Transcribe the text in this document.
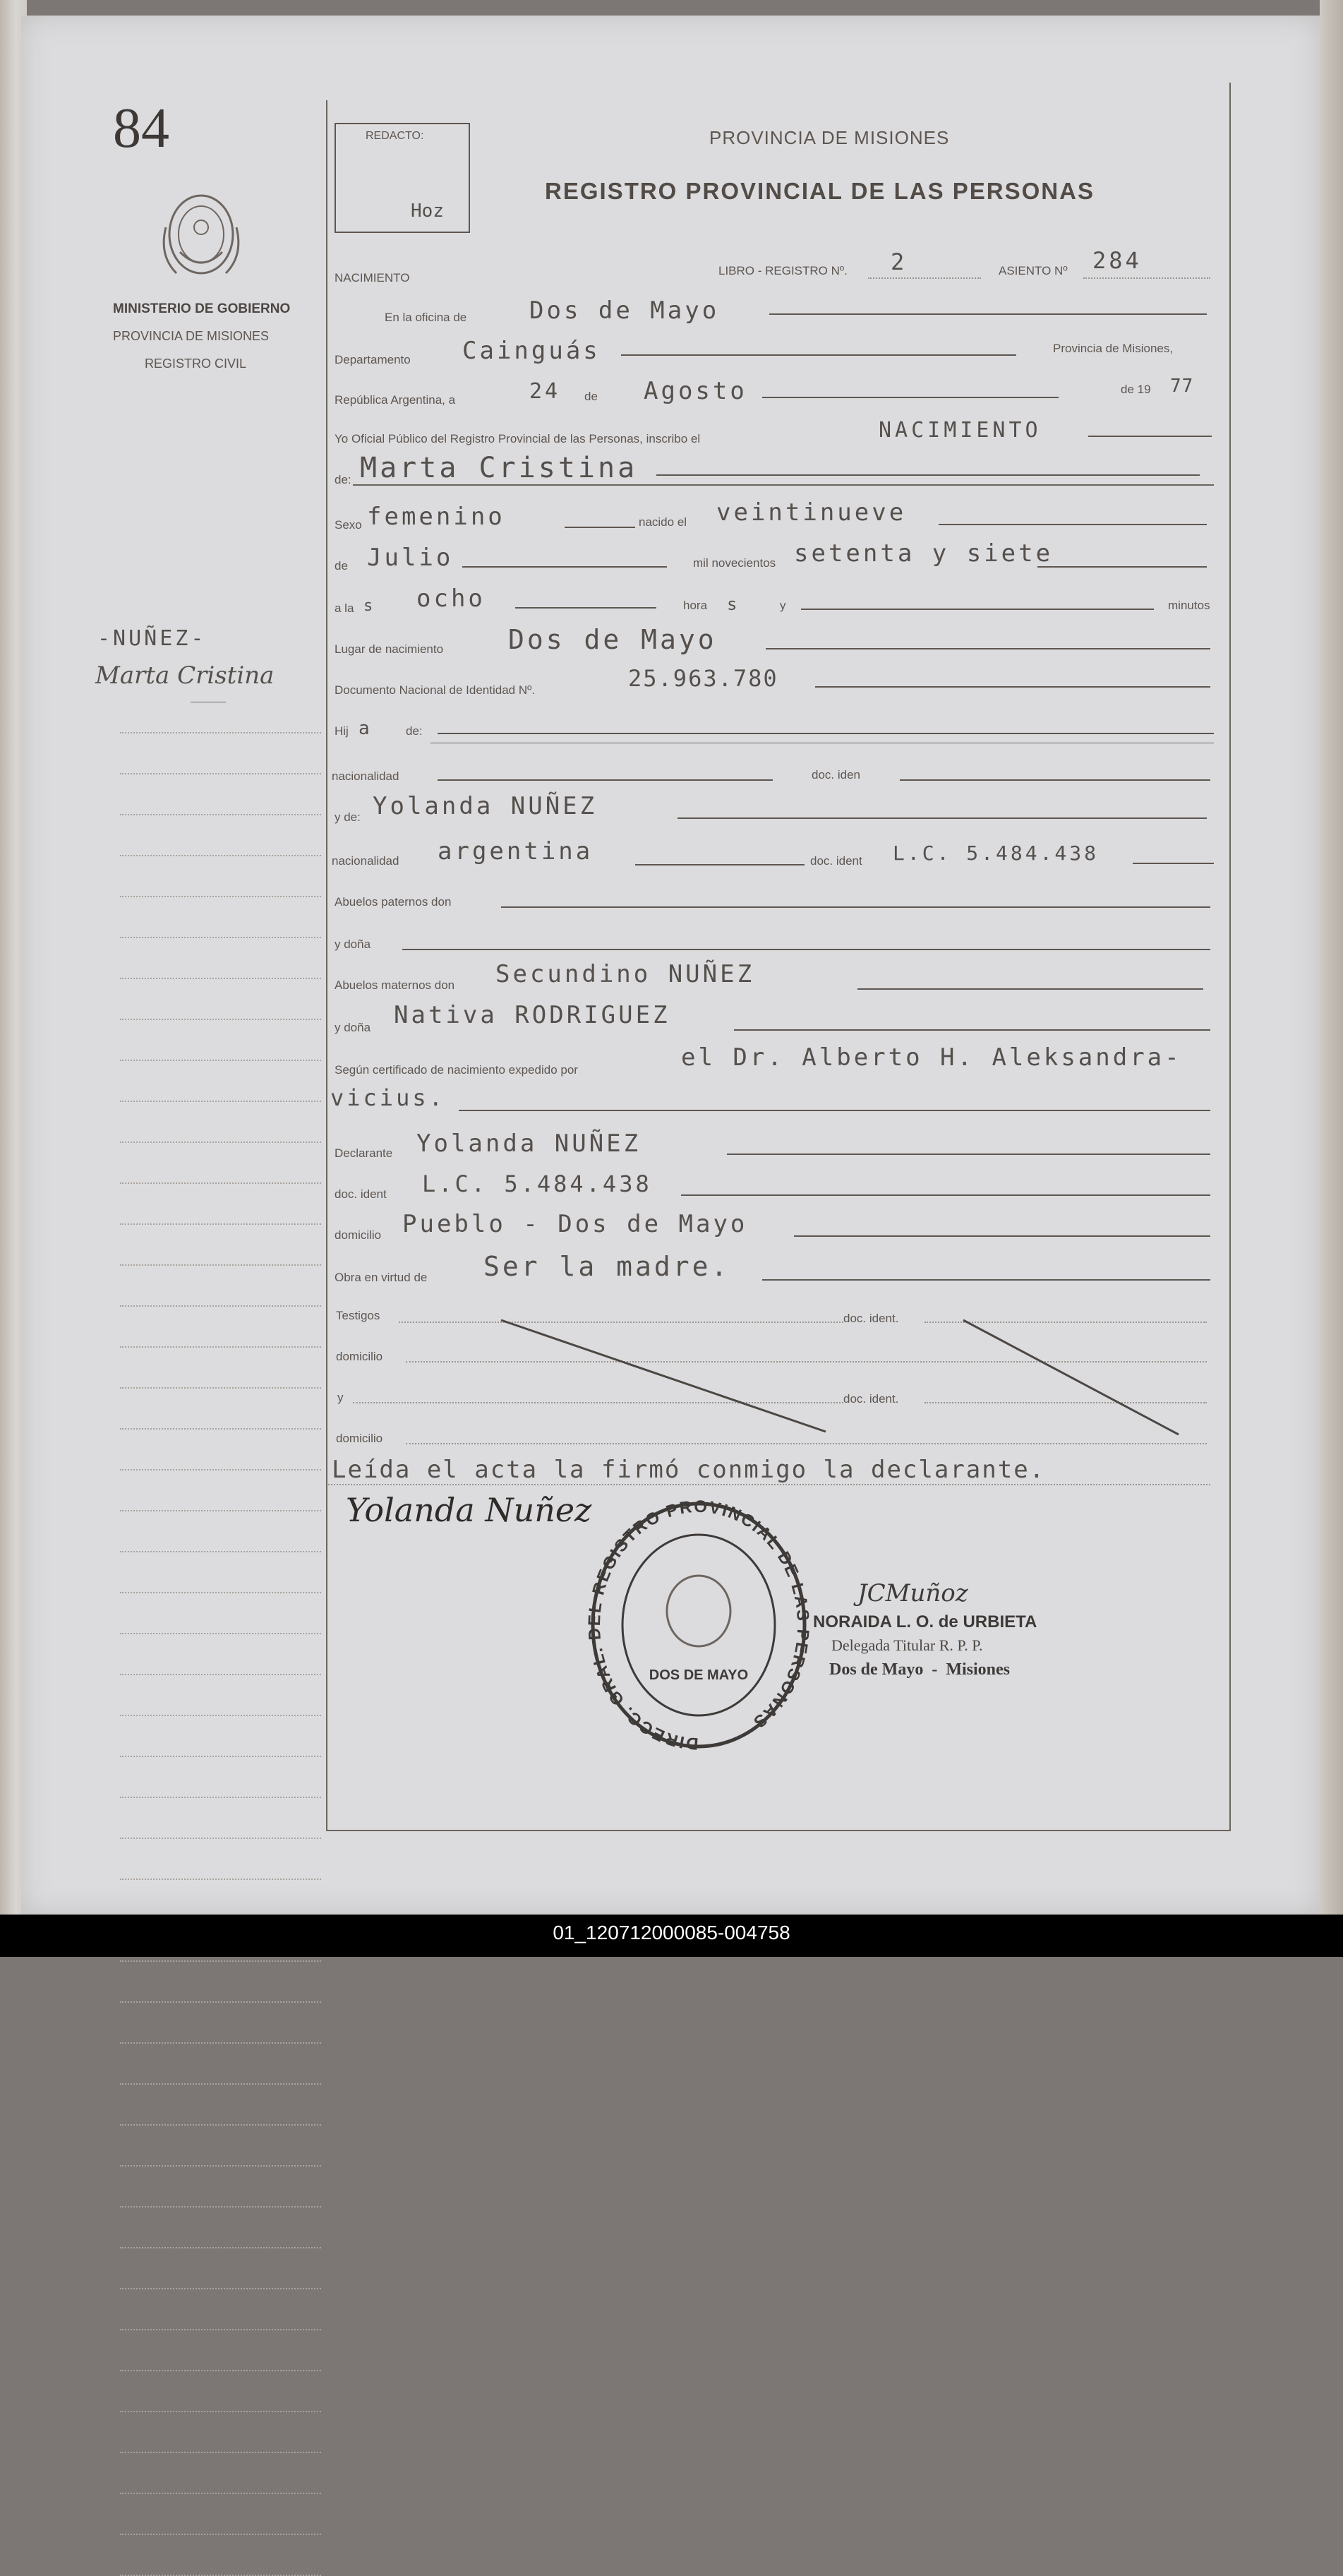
84
MINISTERIO DE GOBIERNO
PROVINCIA DE MISIONES
REGISTRO CIVIL
-NUÑEZ-
Marta Cristina
REDACTO:
Hoz
PROVINCIA DE MISIONES
REGISTRO PROVINCIAL DE LAS PERSONAS
NACIMIENTO
LIBRO - REGISTRO Nº. 2	ASIENTO Nº 284
En la oficina de	Dos de Mayo
Departamento Cainguás	Provincia de Misiones,
República Argentina, a	24 de Agosto	de 19 77
Yo Oficial Público del Registro Provincial de las Personas, inscribo el	NACIMIENTO
de: Marta Cristina
Sexo femenino	nacido el veintinueve
de Julio	mil novecientos setenta y siete
a la s ocho	hora s	y	minutos
Lugar de nacimiento Dos de Mayo
Documento Nacional de Identidad Nº.	25.963.780
Hij a	de:
nacionalidad	doc. iden
y de: Yolanda NUÑEZ
nacionalidad argentina	doc. ident L.C. 5.484.438
Abuelos paternos don
y doña
Abuelos maternos don Secundino NUÑEZ
y doña Nativa RODRIGUEZ
Según certificado de nacimiento expedido por	el Dr. Alberto H. Aleksandra-
vicius.
Declarante Yolanda NUÑEZ
doc. ident L.C. 5.484.438
domicilio Pueblo - Dos de Mayo
Obra en virtud de Ser la madre.
Testigos	doc. ident.
domicilio
y	doc. ident.
domicilio
Leída el acta la firmó conmigo la declarante.
Yolanda Nuñez
DIRECC. GRAL. DEL REGISTRO PROVINCIAL DE LAS PERSONAS
DOS DE MAYO
JCMuñoz
NORAIDA L. O. de URBIETA
Delegada Titular R. P. P.
Dos de Mayo  -  Misiones
01_120712000085-004758
